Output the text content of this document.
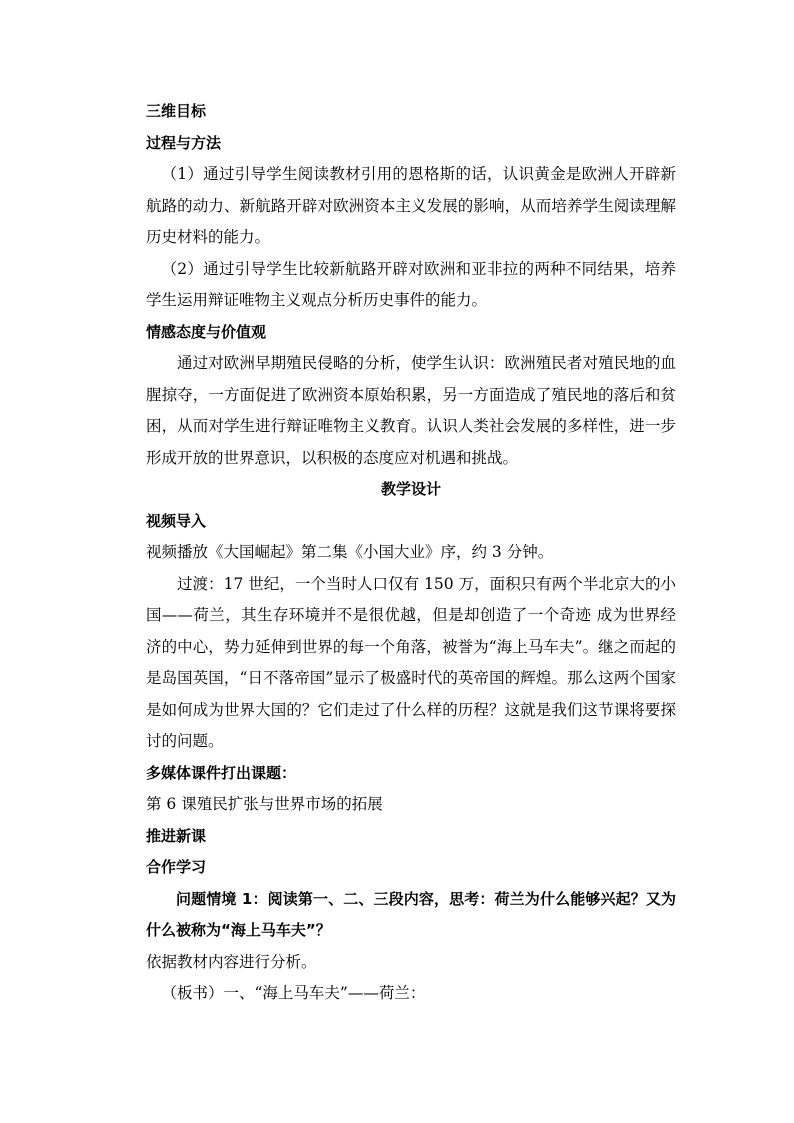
三维目标

过程与方法

（1）通过引导学生阅读教材引用的恩格斯的话，认识黄金是欧洲人开辟新航路的动力、新航路开辟对欧洲资本主义发展的影响，从而培养学生阅读理解历史材料的能力。

（2）通过引导学生比较新航路开辟对欧洲和亚非拉的两种不同结果，培养学生运用辩证唯物主义观点分析历史事件的能力。

情感态度与价值观

通过对欧洲早期殖民侵略的分析，使学生认识：欧洲殖民者对殖民地的血腥掠夺，一方面促进了欧洲资本原始积累，另一方面造成了殖民地的落后和贫困，从而对学生进行辩证唯物主义教育。认识人类社会发展的多样性，进一步形成开放的世界意识，以积极的态度应对机遇和挑战。

教学设计

视频导入

视频播放《大国崛起》第二集《小国大业》序，约 3 分钟。

过渡：17 世纪，一个当时人口仅有 150 万，面积只有两个半北京大的小国——荷兰，其生存环境并不是很优越，但是却创造了一个奇迹 成为世界经济的中心，势力延伸到世界的每一个角落，被誉为“海上马车夫”。继之而起的是岛国英国，“日不落帝国”显示了极盛时代的英帝国的辉煌。那么这两个国家是如何成为世界大国的？它们走过了什么样的历程？这就是我们这节课将要探讨的问题。

多媒体课件打出课题：

第 6 课殖民扩张与世界市场的拓展

推进新课

合作学习

问题情境 1：阅读第一、二、三段内容，思考：荷兰为什么能够兴起？又为什么被称为“海上马车夫”？

依据教材内容进行分析。

（板书）一、“海上马车夫”——荷兰：
